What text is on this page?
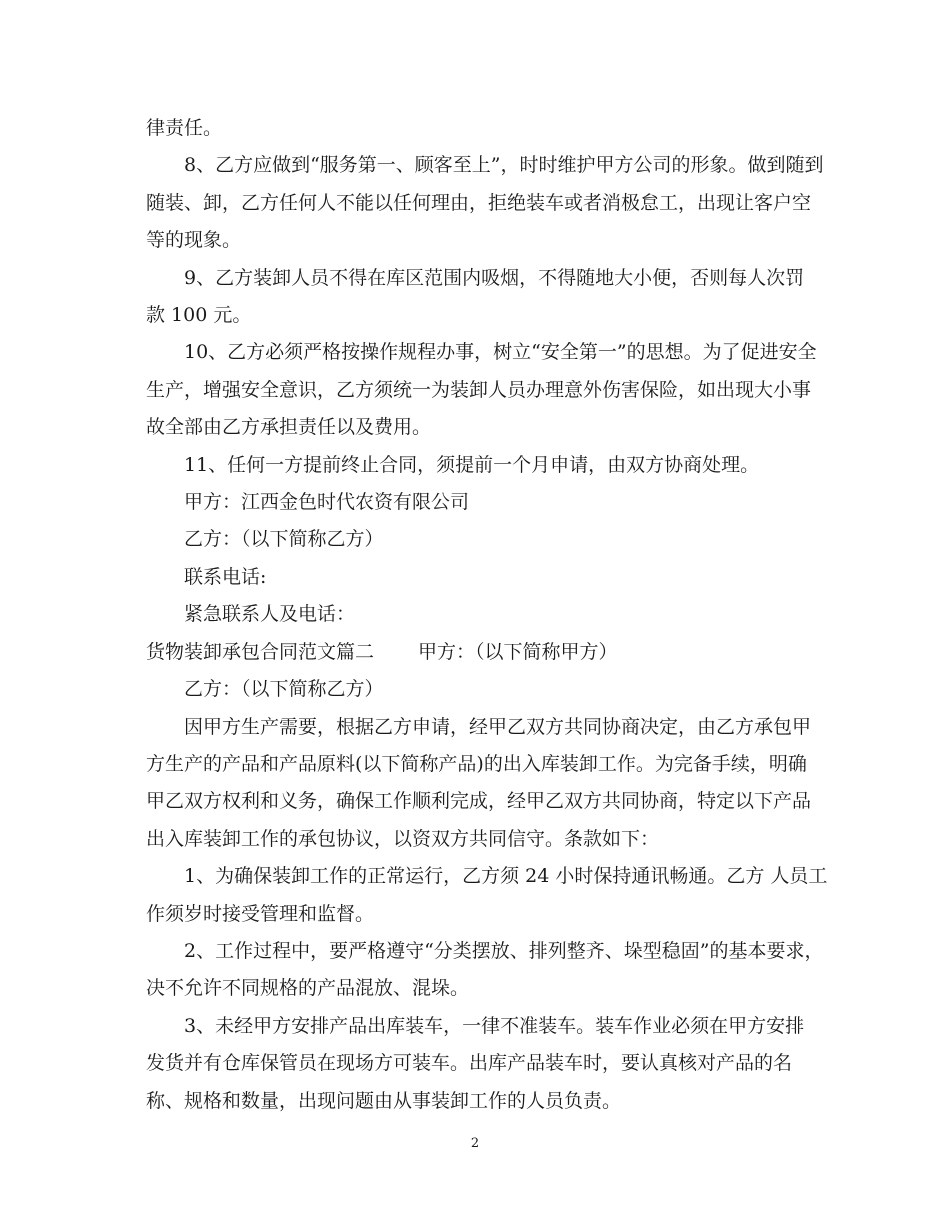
律责任。

8、乙方应做到“服务第一、顾客至上”，时时维护甲方公司的形象。做到随到

随装、卸，乙方任何人不能以任何理由，拒绝装车或者消极怠工，出现让客户空

等的现象。

9、乙方装卸人员不得在库区范围内吸烟，不得随地大小便，否则每人次罚

款 100 元。

10、乙方必须严格按操作规程办事，树立“安全第一”的思想。为了促进安全

生产，增强安全意识，乙方须统一为装卸人员办理意外伤害保险，如出现大小事

故全部由乙方承担责任以及费用。

11、任何一方提前终止合同，须提前一个月申请，由双方协商处理。

甲方：江西金色时代农资有限公司

乙方：（以下简称乙方）

联系电话:

紧急联系人及电话：

货物装卸承包合同范文篇二 甲方：（以下简称甲方）

乙方：（以下简称乙方）

因甲方生产需要，根据乙方申请，经甲乙双方共同协商决定，由乙方承包甲

方生产的产品和产品原料(以下简称产品)的出入库装卸工作。为完备手续，明确

甲乙双方权利和义务，确保工作顺利完成，经甲乙双方共同协商，特定以下产品

出入库装卸工作的承包协议，以资双方共同信守。条款如下：

1、为确保装卸工作的正常运行，乙方须 24 小时保持通讯畅通。乙方 人员工

作须岁时接受管理和监督。

2、工作过程中，要严格遵守“分类摆放、排列整齐、垛型稳固”的基本要求，

决不允许不同规格的产品混放、混垛。

3、未经甲方安排产品出库装车，一律不准装车。装车作业必须在甲方安排

发货并有仓库保管员在现场方可装车。出库产品装车时，要认真核对产品的名

称、规格和数量，出现问题由从事装卸工作的人员负责。

2
